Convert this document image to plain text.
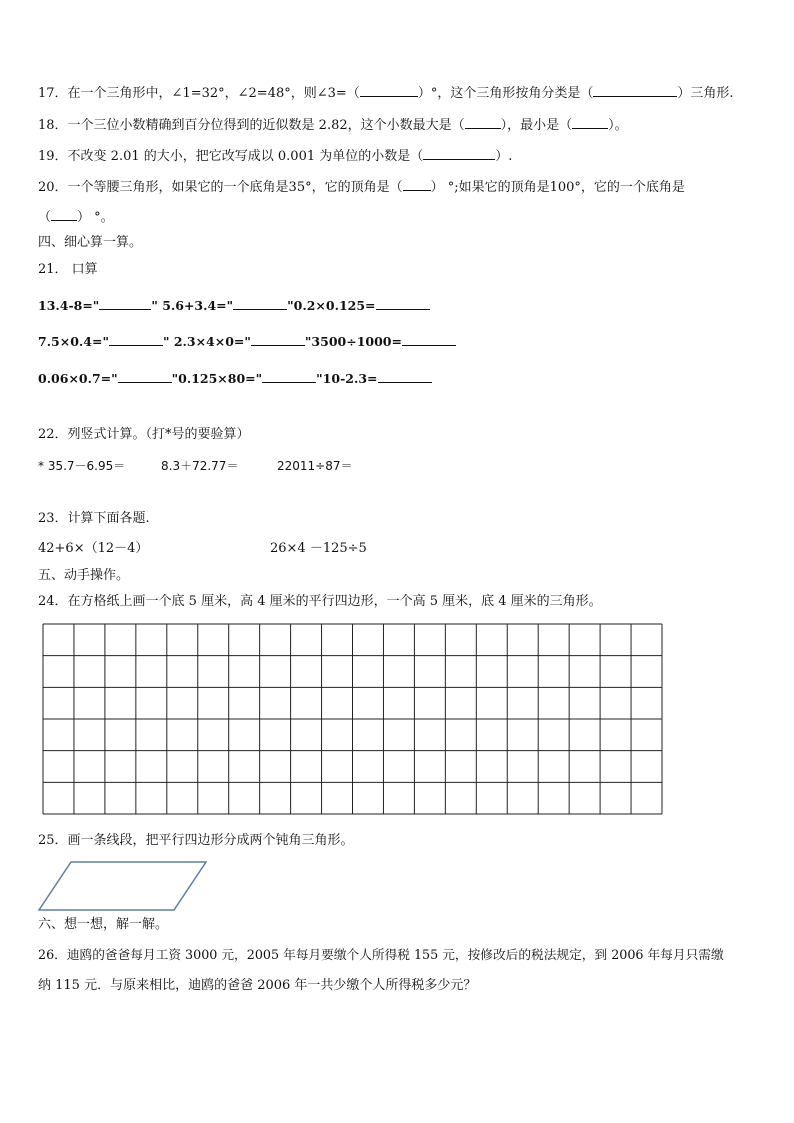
17．在一个三角形中，∠1=32°，∠2=48°，则∠3=（	）°，这个三角形按角分类是（	）三角形.
18．一个三位小数精确到百分位得到的近似数是 2.82，这个小数最大是（	），最小是（	）。
19．不改变 2.01 的大小，把它改写成以 0.001 为单位的小数是（	）.
20．一个等腰三角形，如果它的一个底角是35°，它的顶角是（ ） °;如果它的顶角是100°，它的一个底角是
（ ） °。
四、细心算一算。
21． 口算
13.4-8="	" 5.6+3.4="	"0.2×0.125=
7.5×0.4="	" 2.3×4×0="	"3500÷1000=
0.06×0.7="	"0.125×80="	"10-2.3=
22．列竖式计算。（打*号的要验算）
* 35.7－6.95＝	8.3＋72.77＝	22011÷87＝
23．计算下面各题.
42+6×（12－4）	26×4 －125÷5
五、动手操作。
24．在方格纸上画一个底 5 厘米，高 4 厘米的平行四边形，一个高 5 厘米，底 4 厘米的三角形。
25．画一条线段，把平行四边形分成两个钝角三角形。
六、想一想，解一解。
26．迪鸥的爸爸每月工资 3000 元，2005 年每月要缴个人所得税 155 元，按修改后的税法规定，到 2006 年每月只需缴
纳 115 元．与原来相比，迪鸥的爸爸 2006 年一共少缴个人所得税多少元？
